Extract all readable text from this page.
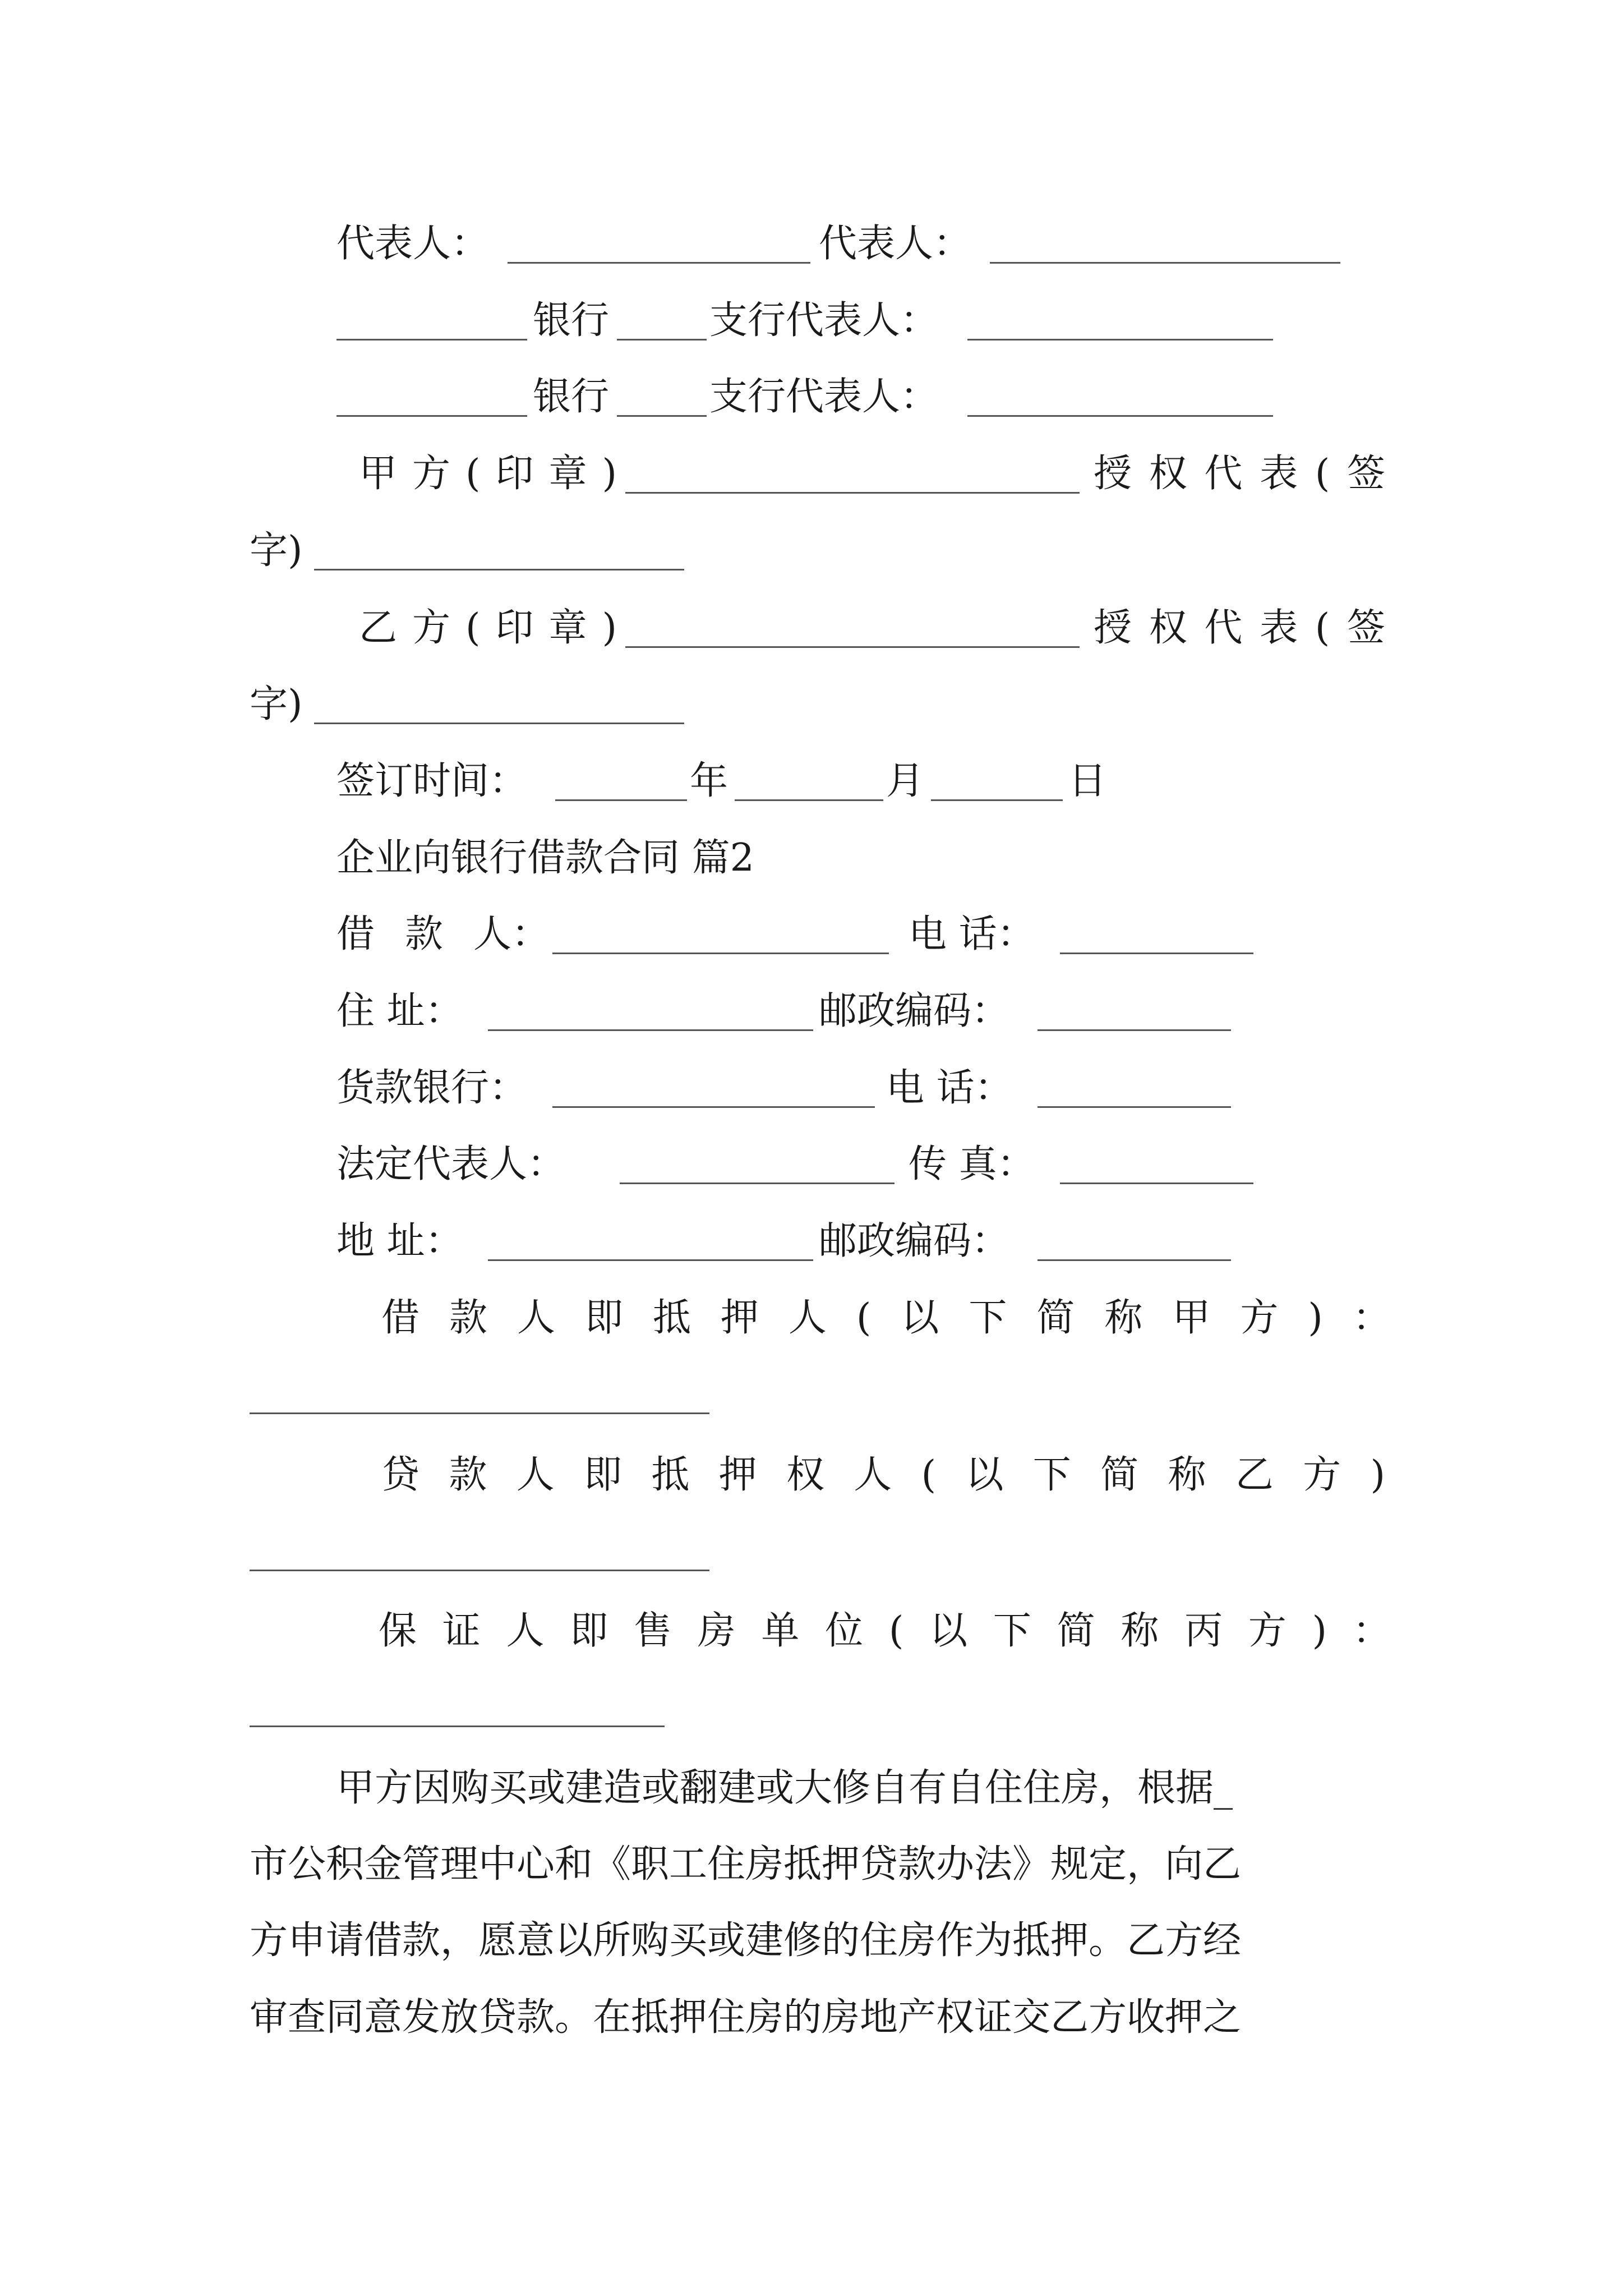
代表人：	代表人：
银行	支行代表人：
银行	支行代表人：
甲 方 ( 印 章 )	授 权 代 表 ( 签
字)
乙 方 ( 印 章 )	授 权 代 表 ( 签
字)
签订时间：	年	月	日
企业向银行借款合同 篇2
借 款 人：	电 话：
住 址：	邮政编码：
货款银行：	电 话：
法定代表人：	传 真：
地 址：	邮政编码：
借 款 人 即 抵 押 人 ( 以 下 简 称 甲 方 ) ：
贷 款 人 即 抵 押 权 人 ( 以 下 简 称 乙 方 )
保 证 人 即 售 房 单 位 ( 以 下 简 称 丙 方 ) ：
甲方因购买或建造或翻建或大修自有自住住房，根据_
市公积金管理中心和《职工住房抵押贷款办法》规定，向乙
方申请借款，愿意以所购买或建修的住房作为抵押。乙方经
审查同意发放贷款。在抵押住房的房地产权证交乙方收押之
